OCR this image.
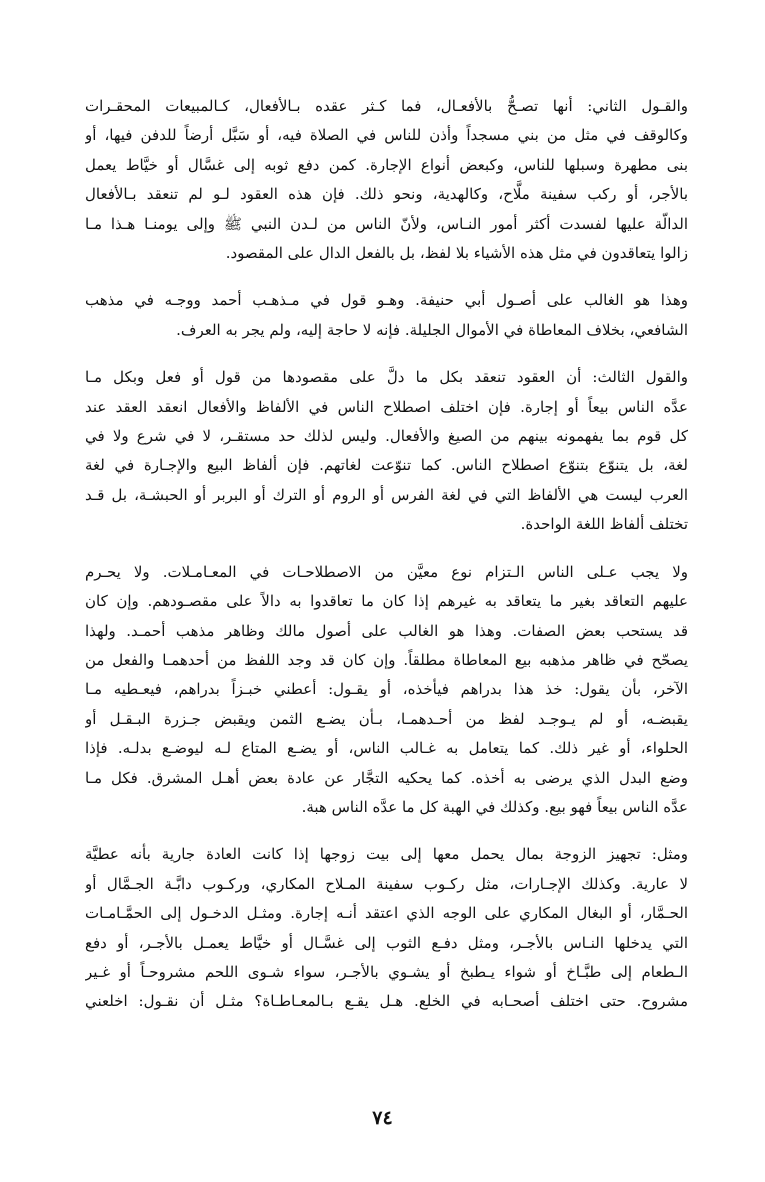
والقـول الثاني: أنها تصـحُّ بالأفعـال، فما كـثر عقده بـالأفعال، كـالمبيعات المحقـرات
وكالوقف في مثل من بني مسجداً وأذن للناس في الصلاة فيه، أو سَبَّل أرضاً للدفن فيها، أو
بنى مطهرة وسبلها للناس، وكبعض أنواع الإجارة. كمن دفع ثوبه إلى غسَّال أو خيَّاط يعمل
بالأجر، أو ركب سفينة ملَّاح، وكالهدية، ونحو ذلك. فإن هذه العقود لـو لم تنعقد بـالأفعال
الدالّة عليها لفسدت أكثر أمور النـاس، ولأنّ الناس من لـدن النبي ﷺ وإلى يومنـا هـذا مـا
زالوا يتعاقدون في مثل هذه الأشياء بلا لفظ، بل بالفعل الدال على المقصود.
وهذا هو الغالب على أصـول أبي حنيفة. وهـو قول في مـذهـب أحمد ووجـه في مذهب
الشافعي، بخلاف المعاطاة في الأموال الجليلة. فإنه لا حاجة إليه، ولم يجر به العرف.
والقول الثالث: أن العقود تنعقد بكل ما دلَّ على مقصودها من قول أو فعل وبكل مـا
عدَّه الناس بيعاً أو إجارة. فإن اختلف اصطلاح الناس في الألفاظ والأفعال انعقد العقد عند
كل قوم بما يفهمونه بينهم من الصيغ والأفعال. وليس لذلك حد مستقـر، لا في شرع ولا في
لغة، بل يتنوّع بتنوّع اصطلاح الناس. كما تنوّعت لغاتهم. فإن ألفاظ البيع والإجـارة في لغة
العرب ليست هي الألفاظ التي في لغة الفرس أو الروم أو الترك أو البربر أو الحبشـة، بل قـد
تختلف ألفاظ اللغة الواحدة.
ولا يجب عـلى الناس الـتزام نوع معيَّن من الاصطلاحـات في المعـامـلات. ولا يحـرم
عليهم التعاقد بغير ما يتعاقد به غيرهم إذا كان ما تعاقدوا به دالاً على مقصـودهم. وإن كان
قد يستحب بعض الصفات. وهذا هو الغالب على أصول مالك وظاهر مذهب أحمـد. ولهذا
يصحّح في ظاهر مذهبه بيع المعاطاة مطلقاً. وإن كان قد وجد اللفظ من أحدهمـا والفعل من
الآخر، بأن يقول: خذ هذا بدراهم فيأخذه، أو يقـول: أعطني خبـزاً بدراهم، فيعـطيه مـا
يقبضـه، أو لم يـوجـد لفظ من أحـدهمـا، بـأن يضـع الثمن ويقبض جـزرة البـقـل أو
الحلواء، أو غير ذلك. كما يتعامل به غـالب الناس، أو يضـع المتاع لـه ليوضـع بدلـه. فإذا
وضع البدل الذي يرضى به أخذه. كما يحكيه التجَّار عن عادة بعض أهـل المشرق. فكل مـا
عدَّه الناس بيعاً فهو بيع. وكذلك في الهبة كل ما عدَّه الناس هبة.
ومثل: تجهيز الزوجة بمال يحمل معها إلى بيت زوجها إذا كانت العادة جارية بأنه عطيَّة
لا عارية. وكذلك الإجـارات، مثل ركـوب سفينة المـلاح المكاري، وركـوب دابَّـة الجـمَّال أو
الحـمَّار، أو البغال المكاري على الوجه الذي اعتقد أنـه إجارة. ومثـل الدخـول إلى الحمَّـامـات
التي يدخلها النـاس بالأجـر، ومثل دفـع الثوب إلى غسَّـال أو خيَّاط يعمـل بالأجـر، أو دفع
الـطعام إلى طبَّـاخ أو شواء يـطبخ أو يشـوي بالأجـر، سواء شـوى اللحم مشروحـاً أو غـير
مشروح. حتى اختلف أصحـابه في الخلع. هـل يقـع بـالمعـاطـاة؟ مثـل أن نقـول: اخلعني
٧٤
